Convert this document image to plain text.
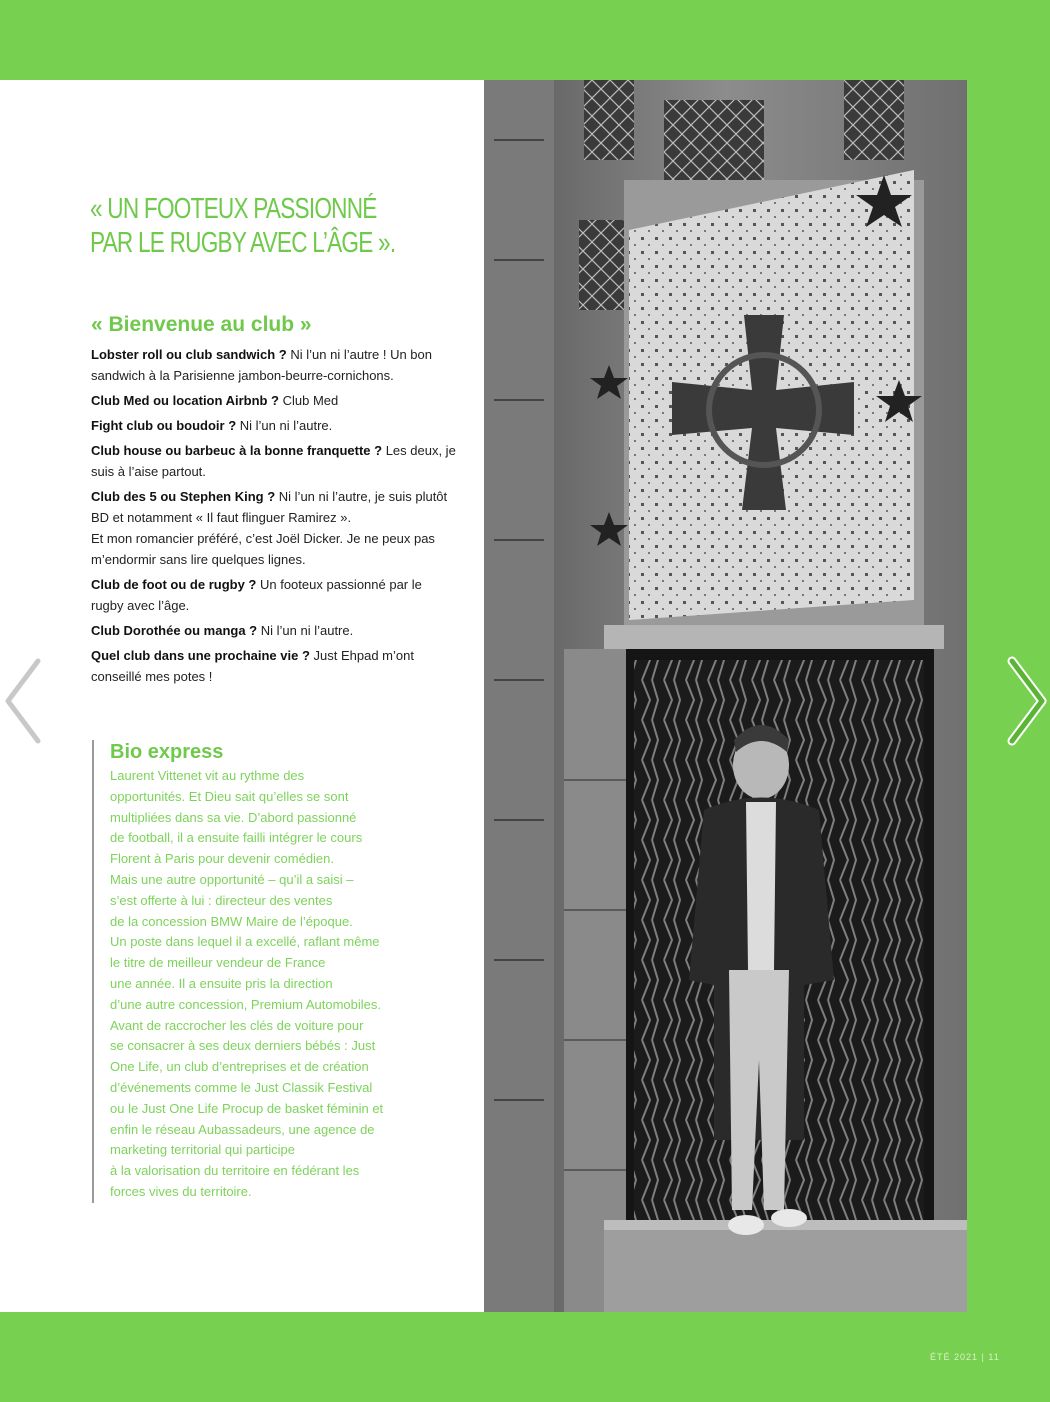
« UN FOOTEUX PASSIONNÉ
PAR LE RUGBY AVEC L’ÂGE ».
« Bienvenue au club »

Lobster roll ou club sandwich ? Ni l’un ni l’autre ! Un bon sandwich à la Parisienne jambon-beurre-cornichons.

Club Med ou location Airbnb ? Club Med

Fight club ou boudoir ? Ni l’un ni l’autre.

Club house ou barbeuc à la bonne franquette ? Les deux, je suis à l’aise partout.

Club des 5 ou Stephen King ? Ni l’un ni l’autre, je suis plutôt BD et notamment « Il faut flinguer Ramirez ».
Et mon romancier préféré, c’est Joël Dicker. Je ne peux pas m’endormir sans lire quelques lignes.

Club de foot ou de rugby ? Un footeux passionné par le rugby avec l’âge.

Club Dorothée ou manga ? Ni l’un ni l’autre.

Quel club dans une prochaine vie ? Just Ehpad m’ont conseillé mes potes !

Bio express
Laurent Vittenet vit au rythme des
opportunités. Et Dieu sait qu’elles se sont
multipliées dans sa vie. D’abord passionné
de football, il a ensuite failli intégrer le cours
Florent à Paris pour devenir comédien.
Mais une autre opportunité – qu’il a saisi –
s’est offerte à lui : directeur des ventes
de la concession BMW Maire de l’époque.
Un poste dans lequel il a excellé, raflant même
le titre de meilleur vendeur de France
une année. Il a ensuite pris la direction
d’une autre concession, Premium Automobiles.
Avant de raccrocher les clés de voiture pour
se consacrer à ses deux derniers bébés : Just
One Life, un club d’entreprises et de création
d’événements comme le Just Classik Festival
ou le Just One Life Procup de basket féminin et
enfin le réseau Aubassadeurs, une agence de
marketing territorial qui participe
à la valorisation du territoire en fédérant les
forces vives du territoire.
ÉTÉ 2021 | 11
